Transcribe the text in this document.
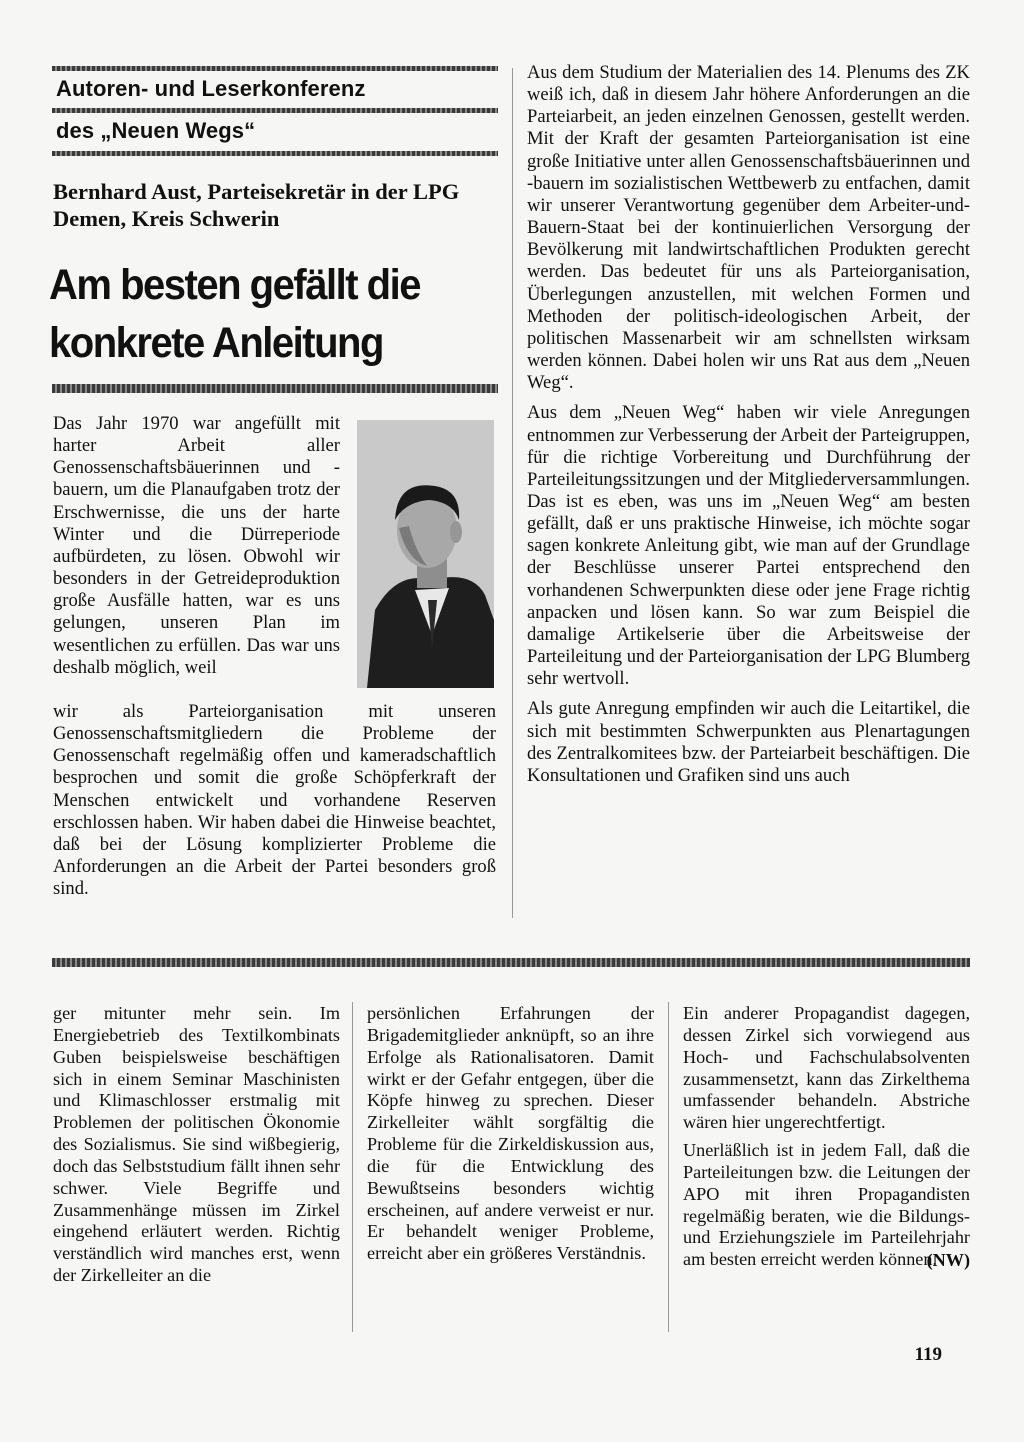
Autoren- und Leserkonferenz
des „Neuen Wegs“
Bernhard Aust, Parteisekretär in der LPG Demen, Kreis Schwerin
Am besten gefällt die konkrete Anleitung
Das Jahr 1970 war angefüllt mit harter Arbeit aller Genossenschaftsbäuerinnen und -bauern, um die Planaufgaben trotz der Erschwernisse, die uns der harte Winter und die Dürreperiode aufbürdeten, zu lösen. Obwohl wir besonders in der Getreideproduktion große Ausfälle hatten, war es uns gelungen, unseren Plan im wesentlichen zu erfüllen. Das war uns deshalb möglich, weil
wir als Parteiorganisation mit unseren Genossenschaftsmitgliedern die Probleme der Genossenschaft regelmäßig offen und kameradschaftlich besprochen und somit die große Schöpferkraft der Menschen entwickelt und vorhandene Reserven erschlossen haben. Wir haben dabei die Hinweise beachtet, daß bei der Lösung komplizierter Probleme die Anforderungen an die Arbeit der Partei besonders groß sind.

Aus dem Studium der Materialien des 14. Plenums des ZK weiß ich, daß in diesem Jahr höhere Anforderungen an die Parteiarbeit, an jeden einzelnen Genossen, gestellt werden. Mit der Kraft der gesamten Parteiorganisation ist eine große Initiative unter allen Genossenschaftsbäuerinnen und -bauern im sozialistischen Wettbewerb zu entfachen, damit wir unserer Verantwortung gegenüber dem Arbeiter-und-Bauern-Staat bei der kontinuierlichen Versorgung der Bevölkerung mit landwirtschaftlichen Produkten gerecht werden. Das bedeutet für uns als Parteiorganisation, Überlegungen anzustellen, mit welchen Formen und Methoden der politisch-ideologischen Arbeit, der politischen Massenarbeit wir am schnellsten wirksam werden können. Dabei holen wir uns Rat aus dem „Neuen Weg“.

Aus dem „Neuen Weg“ haben wir viele Anregungen entnommen zur Verbesserung der Arbeit der Parteigruppen, für die richtige Vorbereitung und Durchführung der Parteileitungssitzungen und der Mitgliederversammlungen. Das ist es eben, was uns im „Neuen Weg“ am besten gefällt, daß er uns praktische Hinweise, ich möchte sogar sagen konkrete Anleitung gibt, wie man auf der Grundlage der Beschlüsse unserer Partei entsprechend den vorhandenen Schwerpunkten diese oder jene Frage richtig anpacken und lösen kann. So war zum Beispiel die damalige Artikelserie über die Arbeitsweise der Parteileitung und der Parteiorganisation der LPG Blumberg sehr wertvoll.

Als gute Anregung empfinden wir auch die Leitartikel, die sich mit bestimmten Schwerpunkten aus Plenartagungen des Zentralkomitees bzw. der Parteiarbeit beschäftigen. Die Konsultationen und Grafiken sind uns auch

ger mitunter mehr sein. Im Energiebetrieb des Textilkombinats Guben beispielsweise beschäftigen sich in einem Seminar Maschinisten und Klimaschlosser erstmalig mit Problemen der politischen Ökonomie des Sozialismus. Sie sind wißbegierig, doch das Selbststudium fällt ihnen sehr schwer. Viele Begriffe und Zusammenhänge müssen im Zirkel eingehend erläutert werden. Richtig verständlich wird manches erst, wenn der Zirkelleiter an die
persönlichen Erfahrungen der Brigademitglieder anknüpft, so an ihre Erfolge als Rationalisatoren. Damit wirkt er der Gefahr entgegen, über die Köpfe hinweg zu sprechen. Dieser Zirkelleiter wählt sorgfältig die Probleme für die Zirkeldiskussion aus, die für die Entwicklung des Bewußtseins besonders wichtig erscheinen, auf andere verweist er nur. Er behandelt weniger Probleme, erreicht aber ein größeres Verständnis.

Ein anderer Propagandist dagegen, dessen Zirkel sich vorwiegend aus Hoch- und Fachschulabsolventen zusammensetzt, kann das Zirkelthema umfassender behandeln. Abstriche wären hier ungerechtfertigt.

Unerläßlich ist in jedem Fall, daß die Parteileitungen bzw. die Leitungen der APO mit ihren Propagandisten regelmäßig beraten, wie die Bildungs- und Erziehungsziele im Parteilehrjahr am besten erreicht werden können.

(NW)
119
